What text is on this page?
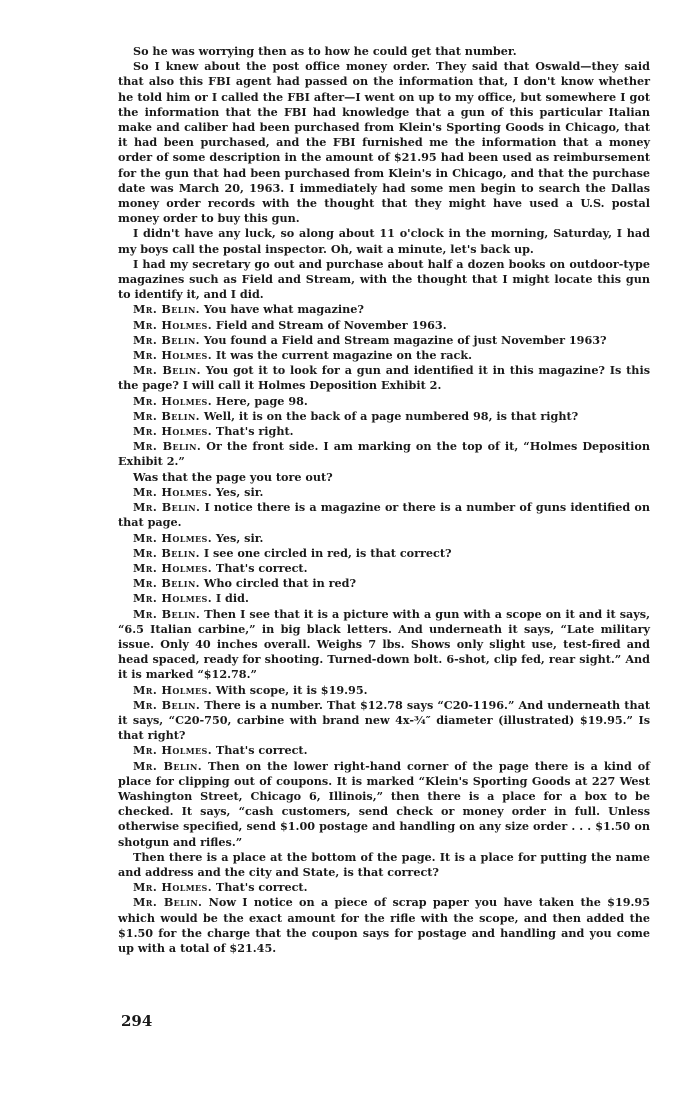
So he was worrying then as to how he could get that number.

So I knew about the post office money order. They said that Oswald—they said that also this FBI agent had passed on the information that, I don't know whether he told him or I called the FBI after—I went on up to my office, but somewhere I got the information that the FBI had knowledge that a gun of this particular Italian make and caliber had been purchased from Klein's Sporting Goods in Chicago, that it had been purchased, and the FBI furnished me the information that a money order of some description in the amount of $21.95 had been used as reimbursement for the gun that had been purchased from Klein's in Chicago, and that the purchase date was March 20, 1963. I immediately had some men begin to search the Dallas money order records with the thought that they might have used a U.S. postal money order to buy this gun.

I didn't have any luck, so along about 11 o'clock in the morning, Saturday, I had my boys call the postal inspector. Oh, wait a minute, let's back up.

I had my secretary go out and purchase about half a dozen books on outdoor-type magazines such as Field and Stream, with the thought that I might locate this gun to identify it, and I did.

Mr. Belin. You have what magazine?

Mr. Holmes. Field and Stream of November 1963.

Mr. Belin. You found a Field and Stream magazine of just November 1963?

Mr. Holmes. It was the current magazine on the rack.

Mr. Belin. You got it to look for a gun and identified it in this magazine? Is this the page? I will call it Holmes Deposition Exhibit 2.

Mr. Holmes. Here, page 98.

Mr. Belin. Well, it is on the back of a page numbered 98, is that right?

Mr. Holmes. That's right.

Mr. Belin. Or the front side. I am marking on the top of it, “Holmes Deposition Exhibit 2.”

Was that the page you tore out?

Mr. Holmes. Yes, sir.

Mr. Belin. I notice there is a magazine or there is a number of guns identified on that page.

Mr. Holmes. Yes, sir.

Mr. Belin. I see one circled in red, is that correct?

Mr. Holmes. That's correct.

Mr. Belin. Who circled that in red?

Mr. Holmes. I did.

Mr. Belin. Then I see that it is a picture with a gun with a scope on it and it says, “6.5 Italian carbine,” in big black letters. And underneath it says, “Late military issue. Only 40 inches overall. Weighs 7 lbs. Shows only slight use, test-fired and head spaced, ready for shooting. Turned-down bolt. 6-shot, clip fed, rear sight.” And it is marked “$12.78.”

Mr. Holmes. With scope, it is $19.95.

Mr. Belin. There is a number. That $12.78 says “C20-1196.” And underneath that it says, “C20-750, carbine with brand new 4x-¾″ diameter (illustrated) $19.95.” Is that right?

Mr. Holmes. That's correct.

Mr. Belin. Then on the lower right-hand corner of the page there is a kind of place for clipping out of coupons. It is marked “Klein's Sporting Goods at 227 West Washington Street, Chicago 6, Illinois,” then there is a place for a box to be checked. It says, “cash customers, send check or money order in full. Unless otherwise specified, send $1.00 postage and handling on any size order . . . $1.50 on shotgun and rifles.”

Then there is a place at the bottom of the page. It is a place for putting the name and address and the city and State, is that correct?

Mr. Holmes. That's correct.

Mr. Belin. Now I notice on a piece of scrap paper you have taken the $19.95 which would be the exact amount for the rifle with the scope, and then added the $1.50 for the charge that the coupon says for postage and handling and you come up with a total of $21.45.

294
